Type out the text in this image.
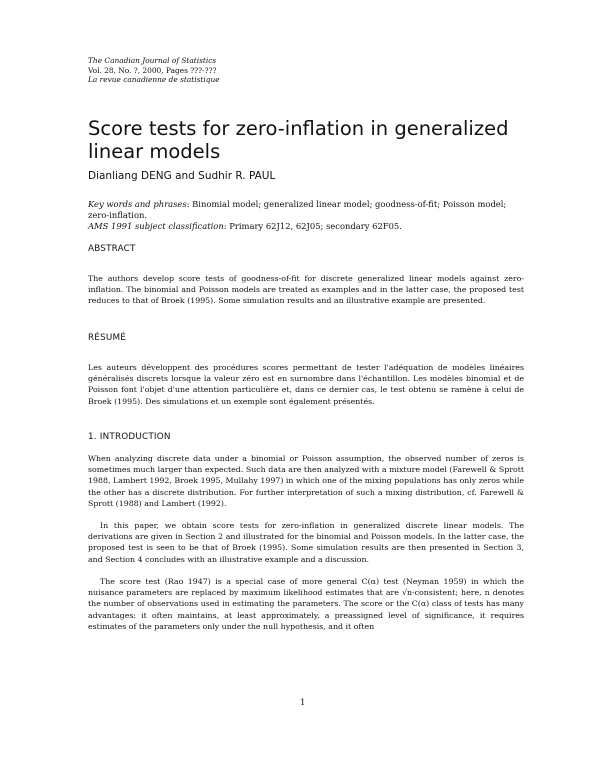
The Canadian Journal of Statistics
Vol. 28, No. ?, 2000, Pages ???-???
La revue canadienne de statistique
Score tests for zero-inflation in generalized linear models
Dianliang DENG and Sudhir R. PAUL
Key words and phrases: Binomial model; generalized linear model; goodness-of-fit; Poisson model; zero-inflation.
AMS 1991 subject classification: Primary 62J12, 62J05; secondary 62F05.
ABSTRACT
The authors develop score tests of goodness-of-fit for discrete generalized linear models against zero-inflation. The binomial and Poisson models are treated as examples and in the latter case, the proposed test reduces to that of Broek (1995). Some simulation results and an illustrative example are presented.
RÉSUMÉ
Les auteurs développent des procédures scores permettant de tester l'adéquation de modèles linéaires généralisés discrets lorsque la valeur zéro est en surnombre dans l'échantillon. Les modèles binomial et de Poisson font l'objet d'une attention particulière et, dans ce dernier cas, le test obtenu se ramène à celui de Broek (1995). Des simulations et un exemple sont également présentés.
1. INTRODUCTION
When analyzing discrete data under a binomial or Poisson assumption, the observed number of zeros is sometimes much larger than expected. Such data are then analyzed with a mixture model (Farewell & Sprott 1988, Lambert 1992, Broek 1995, Mullahy 1997) in which one of the mixing populations has only zeros while the other has a discrete distribution. For further interpretation of such a mixing distribution, cf. Farewell & Sprott (1988) and Lambert (1992).
In this paper, we obtain score tests for zero-inflation in generalized discrete linear models. The derivations are given in Section 2 and illustrated for the binomial and Poisson models. In the latter case, the proposed test is seen to be that of Broek (1995). Some simulation results are then presented in Section 3, and Section 4 concludes with an illustrative example and a discussion.
The score test (Rao 1947) is a special case of more general C(α) test (Neyman 1959) in which the nuisance parameters are replaced by maximum likelihood estimates that are √n-consistent; here, n denotes the number of observations used in estimating the parameters. The score or the C(α) class of tests has many advantages: it often maintains, at least approximately, a preassigned level of significance, it requires estimates of the parameters only under the null hypothesis, and it often
1
